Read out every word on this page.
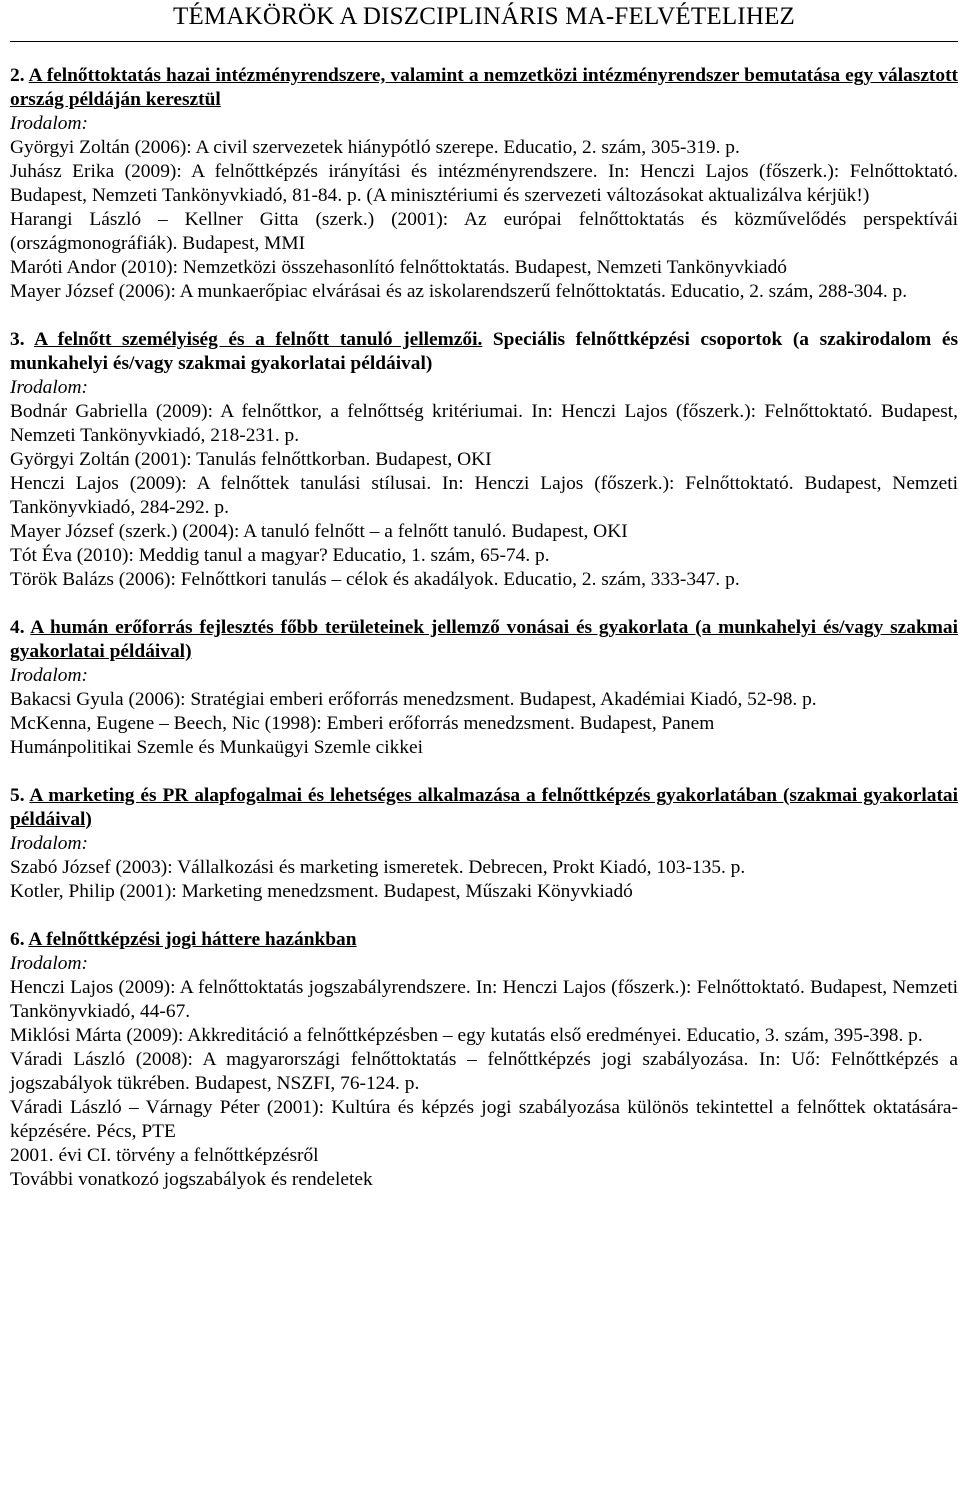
TÉMAKÖRÖK A DISZCIPLINÁRIS MA-FELVÉTELIHEZ

2. A felnőttoktatás hazai intézményrendszere, valamint a nemzetközi intézményrendszer bemutatása egy választott ország példáján keresztül

Irodalom:

Györgyi Zoltán (2006): A civil szervezetek hiánypótló szerepe. Educatio, 2. szám, 305-319. p.

Juhász Erika (2009): A felnőttképzés irányítási és intézményrendszere. In: Henczi Lajos (főszerk.): Felnőttoktató. Budapest, Nemzeti Tankönyvkiadó, 81-84. p. (A minisztériumi és szervezeti változásokat aktualizálva kérjük!)

Harangi László – Kellner Gitta (szerk.) (2001): Az európai felnőttoktatás és közművelődés perspektívái (országmonográfiák). Budapest, MMI

Maróti Andor (2010): Nemzetközi összehasonlító felnőttoktatás. Budapest, Nemzeti Tankönyvkiadó

Mayer József (2006): A munkaerőpiac elvárásai és az iskolarendszerű felnőttoktatás. Educatio, 2. szám, 288-304. p.

3. A felnőtt személyiség és a felnőtt tanuló jellemzői. Speciális felnőttképzési csoportok (a szakirodalom és munkahelyi és/vagy szakmai gyakorlatai példáival)

Irodalom:

Bodnár Gabriella (2009): A felnőttkor, a felnőttség kritériumai. In: Henczi Lajos (főszerk.): Felnőttoktató. Budapest, Nemzeti Tankönyvkiadó, 218-231. p.

Györgyi Zoltán (2001): Tanulás felnőttkorban. Budapest, OKI

Henczi Lajos (2009): A felnőttek tanulási stílusai. In: Henczi Lajos (főszerk.): Felnőttoktató. Budapest, Nemzeti Tankönyvkiadó, 284-292. p.

Mayer József (szerk.) (2004): A tanuló felnőtt – a felnőtt tanuló. Budapest, OKI

Tót Éva (2010): Meddig tanul a magyar? Educatio, 1. szám, 65-74. p.

Török Balázs (2006): Felnőttkori tanulás – célok és akadályok. Educatio, 2. szám, 333-347. p.

4. A humán erőforrás fejlesztés főbb területeinek jellemző vonásai és gyakorlata (a munkahelyi és/vagy szakmai gyakorlatai példáival)

Irodalom:

Bakacsi Gyula (2006): Stratégiai emberi erőforrás menedzsment. Budapest, Akadémiai Kiadó, 52-98. p.

McKenna, Eugene – Beech, Nic (1998): Emberi erőforrás menedzsment. Budapest, Panem

Humánpolitikai Szemle és Munkaügyi Szemle cikkei

5. A marketing és PR alapfogalmai és lehetséges alkalmazása a felnőttképzés gyakorlatában (szakmai gyakorlatai példáival)

Irodalom:

Szabó József (2003): Vállalkozási és marketing ismeretek. Debrecen, Prokt Kiadó, 103-135. p.

Kotler, Philip (2001): Marketing menedzsment. Budapest, Műszaki Könyvkiadó

6. A felnőttképzési jogi háttere hazánkban

Irodalom:

Henczi Lajos (2009): A felnőttoktatás jogszabályrendszere. In: Henczi Lajos (főszerk.): Felnőttoktató. Budapest, Nemzeti Tankönyvkiadó, 44-67.

Miklósi Márta (2009): Akkreditáció a felnőttképzésben – egy kutatás első eredményei. Educatio, 3. szám, 395-398. p.

Váradi László (2008): A magyarországi felnőttoktatás – felnőttképzés jogi szabályozása. In: Uő: Felnőttképzés a jogszabályok tükrében. Budapest, NSZFI, 76-124. p.

Váradi László – Várnagy Péter (2001): Kultúra és képzés jogi szabályozása különös tekintettel a felnőttek oktatására-képzésére. Pécs, PTE

2001. évi CI. törvény a felnőttképzésről

További vonatkozó jogszabályok és rendeletek
